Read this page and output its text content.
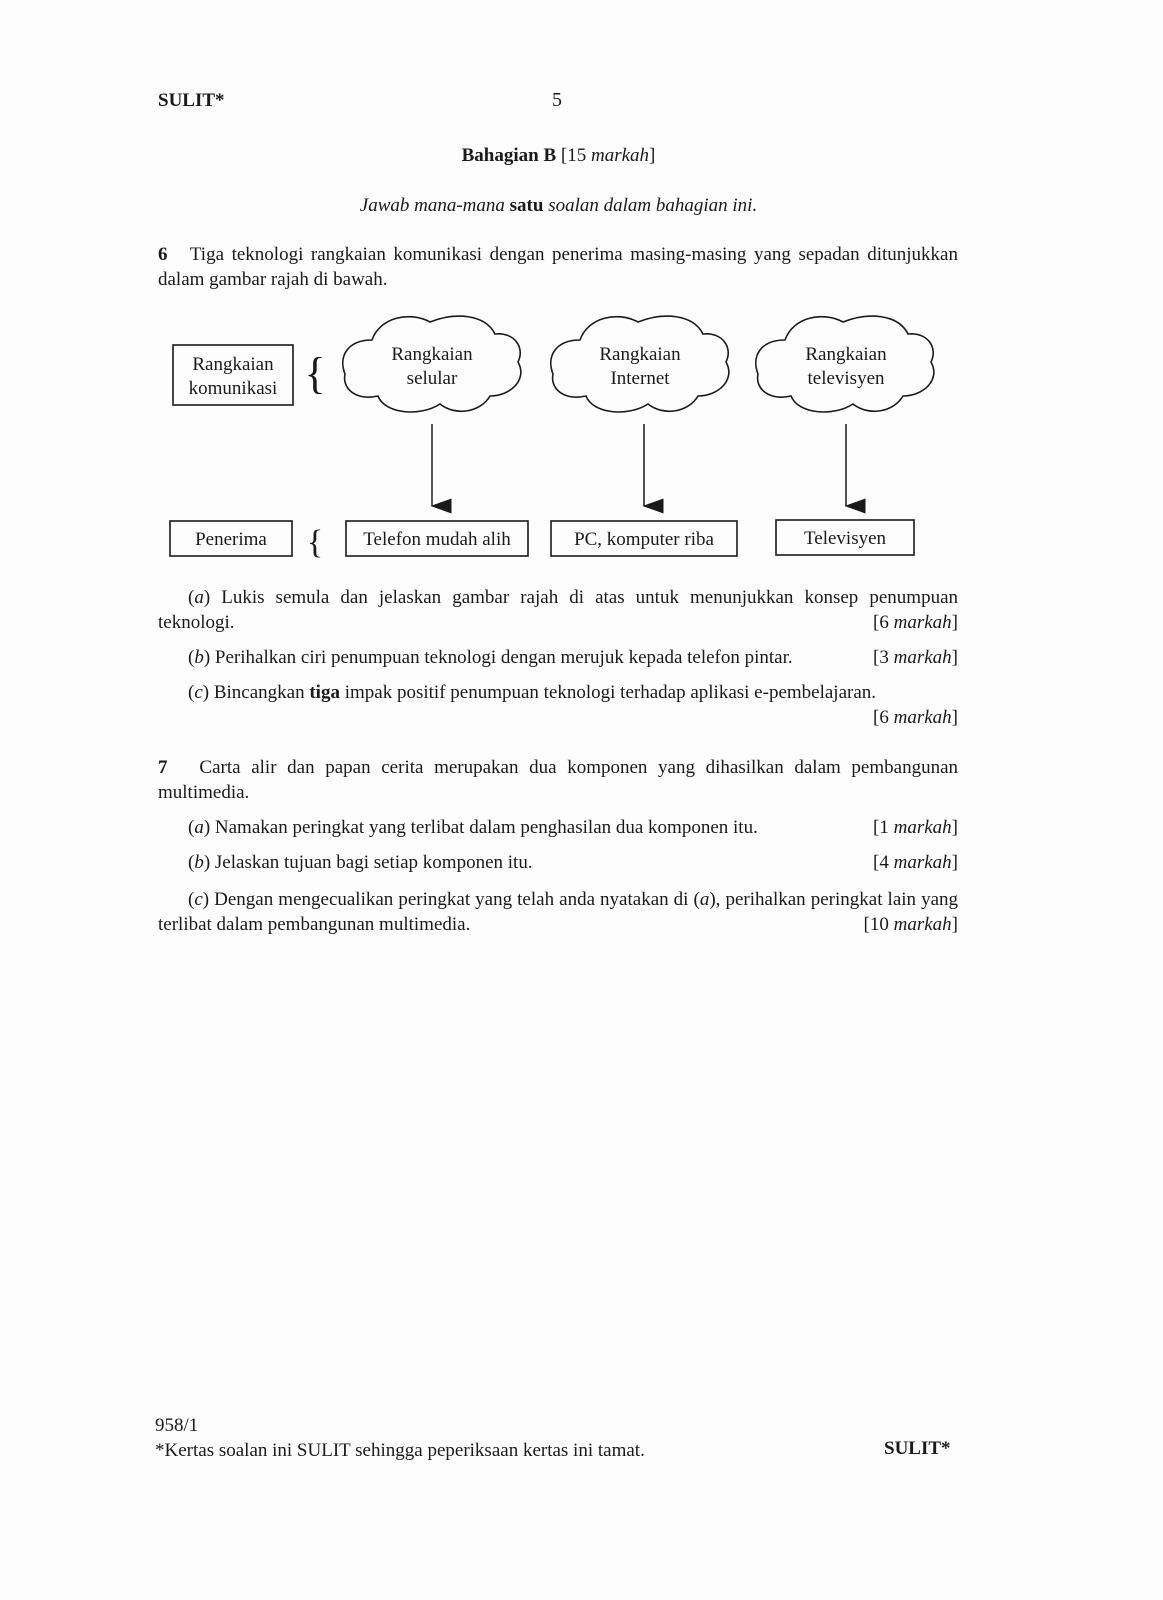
SULIT*	5
Bahagian B [15 markah]
Jawab mana-mana satu soalan dalam bahagian ini.
6 Tiga teknologi rangkaian komunikasi dengan penerima masing-masing yang sepadan ditunjukkan dalam gambar rajah di bawah.
Rangkaian
komunikasi {	Rangkaian
selular
Rangkaian
Internet
Rangkaian
televisyen
Penerima { Telefon mudah alih	PC, komputer riba	Televisyen
(a) Lukis semula dan jelaskan gambar rajah di atas untuk menunjukkan konsep penumpuan teknologi.	[6 markah]
(b) Perihalkan ciri penumpuan teknologi dengan merujuk kepada telefon pintar.	[3 markah]
(c) Bincangkan tiga impak positif penumpuan teknologi terhadap aplikasi e-pembelajaran.
[6 markah]
7 Carta alir dan papan cerita merupakan dua komponen yang dihasilkan dalam pembangunan multimedia.
(a) Namakan peringkat yang terlibat dalam penghasilan dua komponen itu.	[1 markah]
(b) Jelaskan tujuan bagi setiap komponen itu.	[4 markah]
(c) Dengan mengecualikan peringkat yang telah anda nyatakan di (a), perihalkan peringkat lain yang terlibat dalam pembangunan multimedia.	[10 markah]
958/1
*Kertas soalan ini SULIT sehingga peperiksaan kertas ini tamat.	SULIT*
